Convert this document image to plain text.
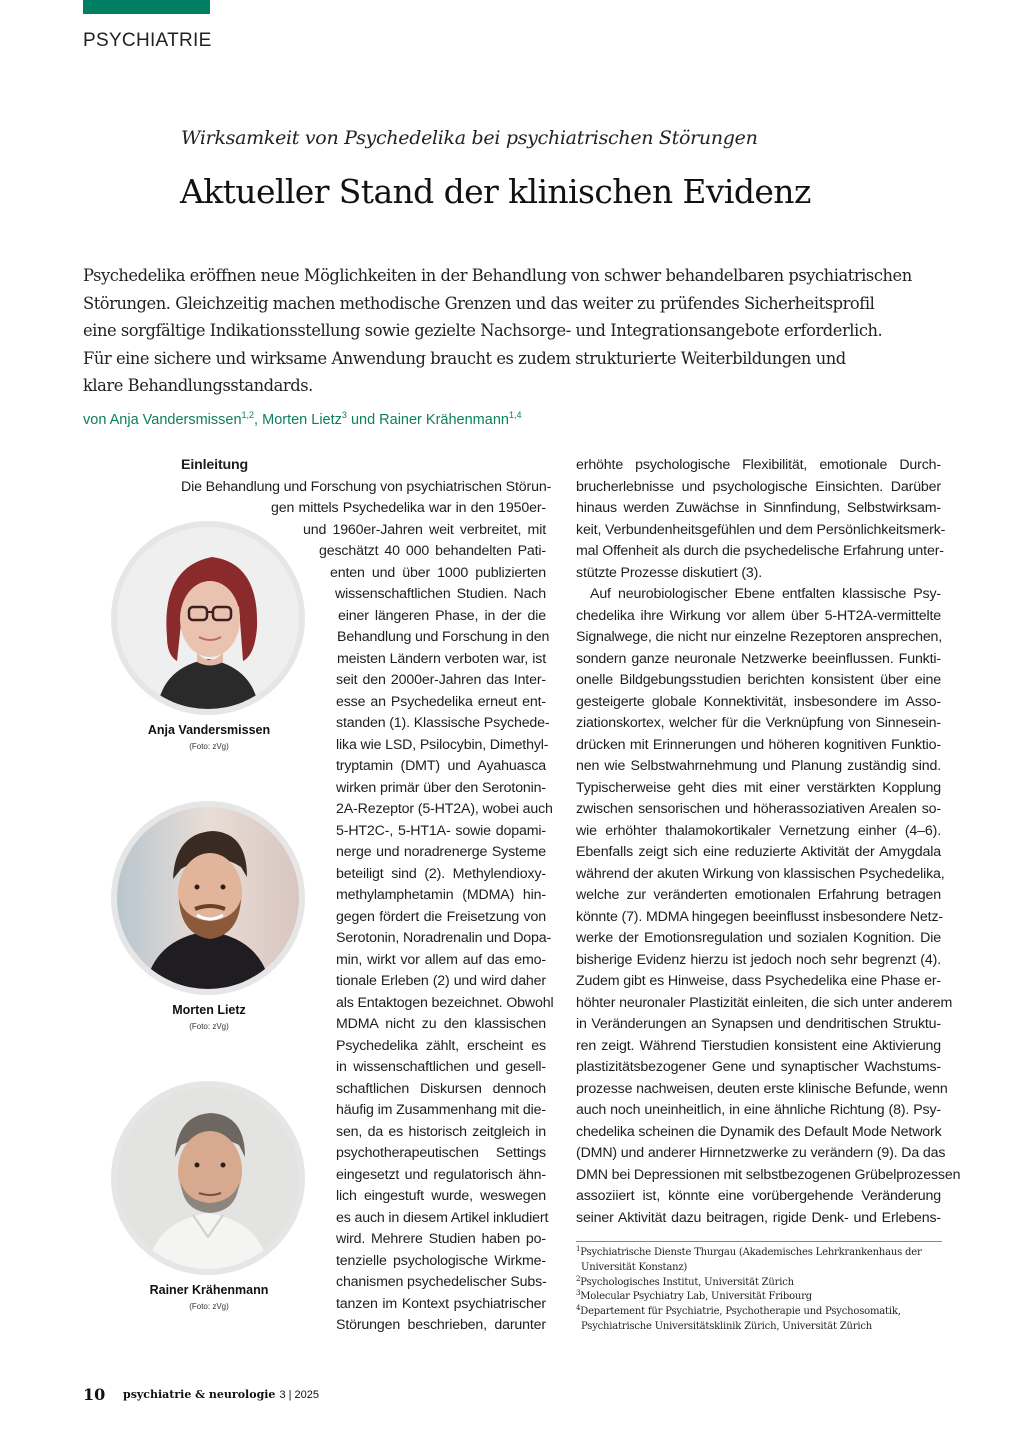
PSYCHIATRIE
Wirksamkeit von Psychedelika bei psychiatrischen Störungen
Aktueller Stand der klinischen Evidenz
Psychedelika eröffnen neue Möglichkeiten in der Behandlung von schwer behandelbaren psychiatrischen
Störungen. Gleichzeitig machen methodische Grenzen und das weiter zu prüfendes Sicherheitsprofil
eine sorgfältige Indikationsstellung sowie gezielte Nachsorge- und Integrationsangebote erforderlich.
Für eine sichere und wirksame Anwendung braucht es zudem strukturierte Weiterbildungen und
klare Behandlungsstandards.
von Anja Vandersmissen$^{1,2}$, Morten Lietz$^3$ und Rainer Krähenmann$^{1,4}$
Anja Vandersmissen
(Foto: zVg)
Morten Lietz
(Foto: zVg)
Rainer Krähenmann
(Foto: zVg)
Einleitung
Die Behandlung und Forschung von psychiatrischen Störun-
gen mittels Psychedelika war in den 1950er-
und 1960er-Jahren weit verbreitet, mit
geschätzt 40 000 behandelten Pati-
enten und über 1000 publizierten
wissenschaftlichen Studien. Nach
einer längeren Phase, in der die
Behandlung und Forschung in den
meisten Ländern verboten war, ist
seit den 2000er-Jahren das Inter-
esse an Psychedelika erneut ent-
standen (1). Klassische Psychede-
lika wie LSD, Psilocybin, Dimethyl-
tryptamin (DMT) und Ayahuasca
wirken primär über den Serotonin-
2A-Rezeptor (5-HT2A), wobei auch
5-HT2C-, 5-HT1A- sowie dopami-
nerge und noradrenerge Systeme
beteiligt sind (2). Methylendioxy-
methylamphetamin (MDMA) hin-
gegen fördert die Freisetzung von
Serotonin, Noradrenalin und Dopa-
min, wirkt vor allem auf das emo-
tionale Erleben (2) und wird daher
als Entaktogen bezeichnet. Obwohl
MDMA nicht zu den klassischen
Psychedelika zählt, erscheint es
in wissenschaftlichen und gesell-
schaftlichen Diskursen dennoch
häufig im Zusammenhang mit die-
sen, da es historisch zeitgleich in
psychotherapeutischen Settings
eingesetzt und regulatorisch ähn-
lich eingestuft wurde, weswegen
es auch in diesem Artikel inkludiert
wird. Mehrere Studien haben po-
tenzielle psychologische Wirkme-
chanismen psychedelischer Subs-
tanzen im Kontext psychiatrischer
Störungen beschrieben, darunter
erhöhte psychologische Flexibilität, emotionale Durch-
brucherlebnisse und psychologische Einsichten. Darüber
hinaus werden Zuwächse in Sinnfindung, Selbstwirksam-
keit, Verbundenheitsgefühlen und dem Persönlichkeitsmerk-
mal Offenheit als durch die psychedelische Erfahrung unter-
stützte Prozesse diskutiert (3).
Auf neurobiologischer Ebene entfalten klassische Psy-
chedelika ihre Wirkung vor allem über 5-HT2A-vermittelte
Signalwege, die nicht nur einzelne Rezeptoren ansprechen,
sondern ganze neuronale Netzwerke beeinflussen. Funkti-
onelle Bildgebungsstudien berichten konsistent über eine
gesteigerte globale Konnektivität, insbesondere im Asso-
ziationskortex, welcher für die Verknüpfung von Sinnesein-
drücken mit Erinnerungen und höheren kognitiven Funktio-
nen wie Selbstwahrnehmung und Planung zuständig sind.
Typischerweise geht dies mit einer verstärkten Kopplung
zwischen sensorischen und höherassoziativen Arealen so-
wie erhöhter thalamokortikaler Vernetzung einher (4–6).
Ebenfalls zeigt sich eine reduzierte Aktivität der Amygdala
während der akuten Wirkung von klassischen Psychedelika,
welche zur veränderten emotionalen Erfahrung betragen
könnte (7). MDMA hingegen beeinflusst insbesondere Netz-
werke der Emotionsregulation und sozialen Kognition. Die
bisherige Evidenz hierzu ist jedoch noch sehr begrenzt (4).
Zudem gibt es Hinweise, dass Psychedelika eine Phase er-
höhter neuronaler Plastizität einleiten, die sich unter anderem
in Veränderungen an Synapsen und dendritischen Struktu-
ren zeigt. Während Tierstudien konsistent eine Aktivierung
plastizitätsbezogener Gene und synaptischer Wachstums-
prozesse nachweisen, deuten erste klinische Befunde, wenn
auch noch uneinheitlich, in eine ähnliche Richtung (8). Psy-
chedelika scheinen die Dynamik des Default Mode Network
(DMN) und anderer Hirnnetzwerke zu verändern (9). Da das
DMN bei Depressionen mit selbstbezogenen Grübelprozessen
assoziiert ist, könnte eine vorübergehende Veränderung
seiner Aktivität dazu beitragen, rigide Denk- und Erlebens-
$^1$Psychiatrische Dienste Thurgau (Akademisches Lehrkrankenhaus der
Universität Konstanz)
$^2$Psychologisches Institut, Universität Zürich
$^3$Molecular Psychiatry Lab, Universität Fribourg
$^4$Departement für Psychiatrie, Psychotherapie und Psychosomatik,
Psychiatrische Universitätsklinik Zürich, Universität Zürich
10 psychiatrie & neurologie 3 | 2025
